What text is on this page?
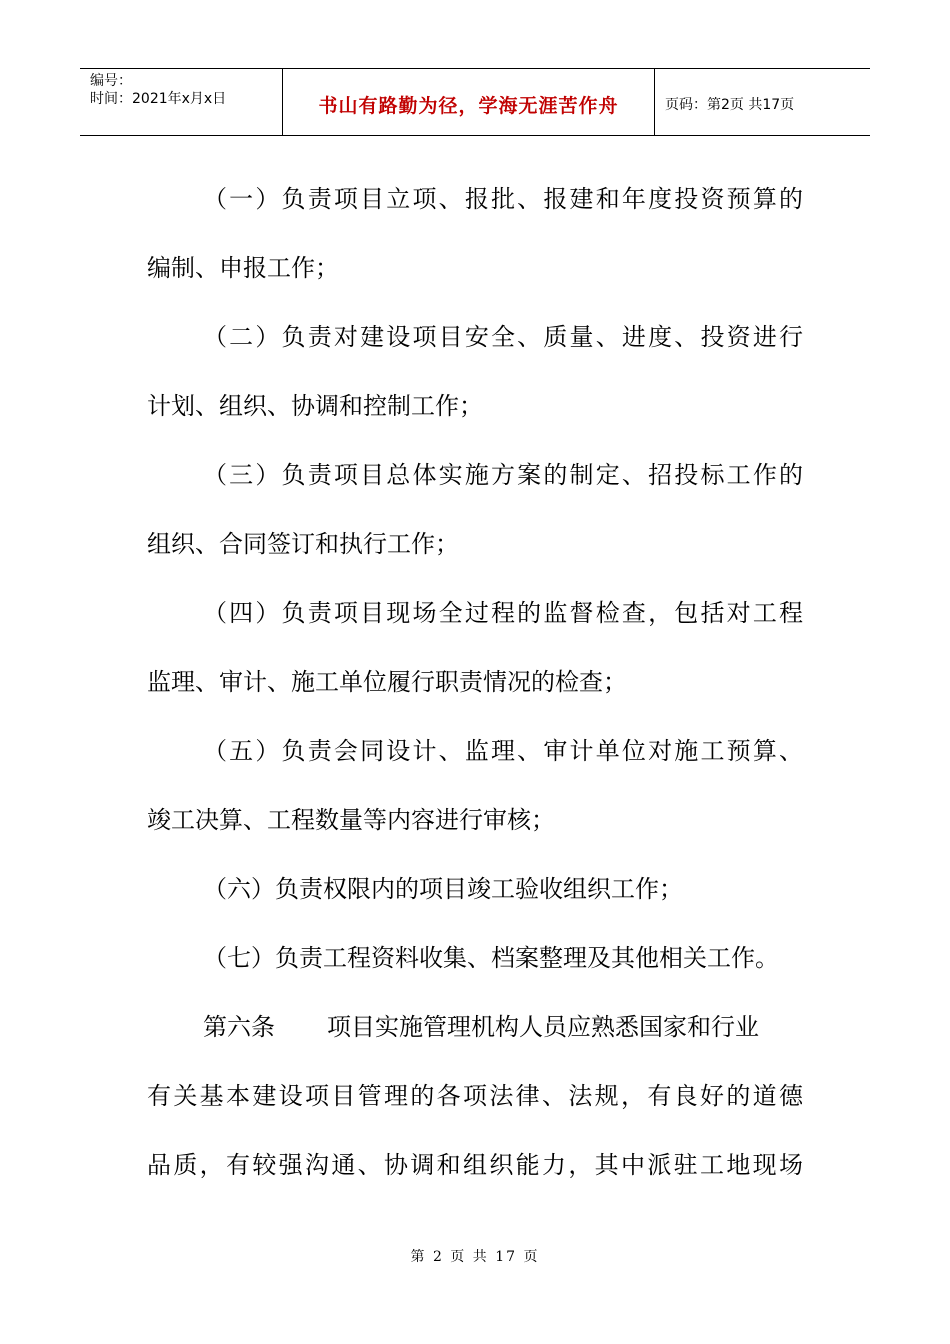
编号：
时间：2021年x月x日	书山有路勤为径，学海无涯苦作舟	页码：第2页 共17页
（一）负责项目立项、报批、报建和年度投资预算的
编制、申报工作；
（二）负责对建设项目安全、质量、进度、投资进行
计划、组织、协调和控制工作；
（三）负责项目总体实施方案的制定、招投标工作的
组织、合同签订和执行工作；
（四）负责项目现场全过程的监督检查，包括对工程
监理、审计、施工单位履行职责情况的检查；
（五）负责会同设计、监理、审计单位对施工预算、
竣工决算、工程数量等内容进行审核；
（六）负责权限内的项目竣工验收组织工作；
（七）负责工程资料收集、档案整理及其他相关工作。
第六条 项目实施管理机构人员应熟悉国家和行业
有关基本建设项目管理的各项法律、法规，有良好的道德
品质，有较强沟通、协调和组织能力，其中派驻工地现场
第 2 页 共 17 页
